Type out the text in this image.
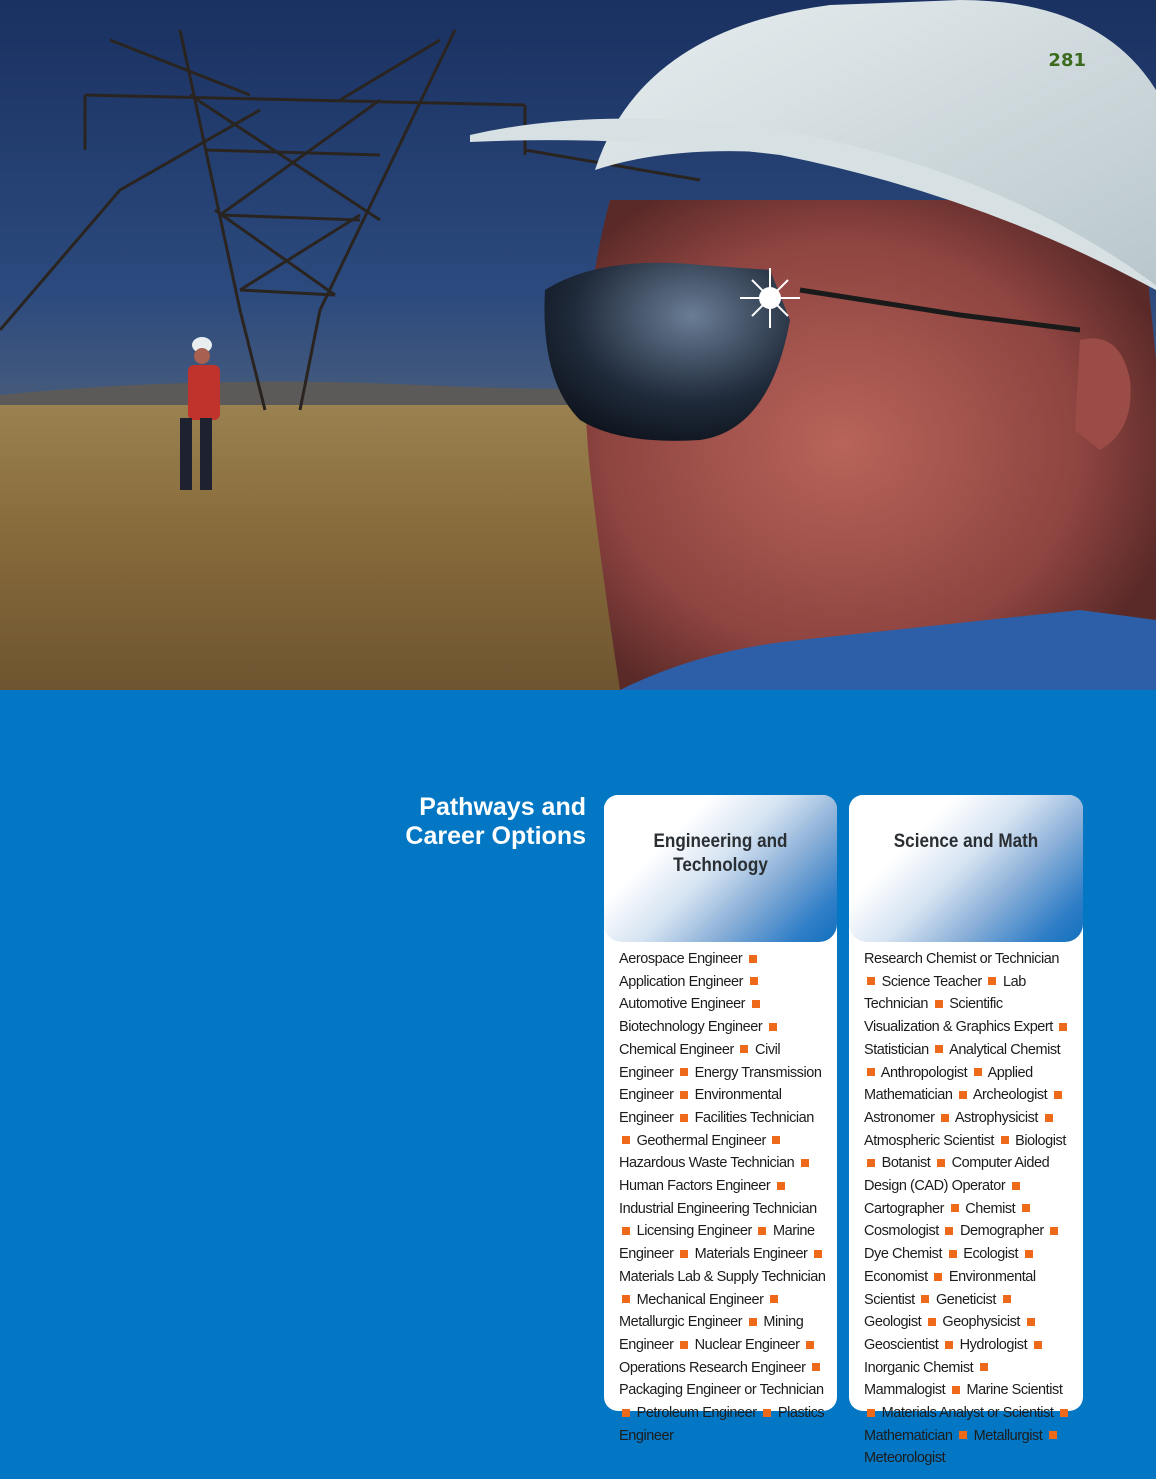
281
Pathways and Career Options	Engineering and
Technology

Aerospace Engineer  Application Engineer  Automotive Engineer  Biotechnology Engineer  Chemical Engineer Civil Engineer Energy Transmission Engineer Environmental Engineer Facilities Technician  Geothermal Engineer  Hazardous Waste Technician  Human Factors Engineer  Industrial Engineering Technician  Licensing Engineer Marine Engineer Materials Engineer  Materials Lab & Supply Technician  Mechanical Engineer  Metallurgic Engineer Mining Engineer Nuclear Engineer  Operations Research Engineer  Packaging Engineer or Technician  Petroleum Engineer Plastics Engineer

Science and Math

Research Chemist or Technician  Science Teacher Lab Technician Scientific Visualization & Graphics Expert  Statistician Analytical Chemist  Anthropologist Applied Mathematician Archeologist  Astronomer Astrophysicist  Atmospheric Scientist Biologist  Botanist Computer Aided Design (CAD) Operator  Cartographer Chemist  Cosmologist Demographer  Dye Chemist Ecologist  Economist Environmental Scientist Geneticist  Geologist Geophysicist  Geoscientist Hydrologist  Inorganic Chemist  Mammalogist Marine Scientist  Materials Analyst or Scientist  Mathematician Metallurgist  Meteorologist
